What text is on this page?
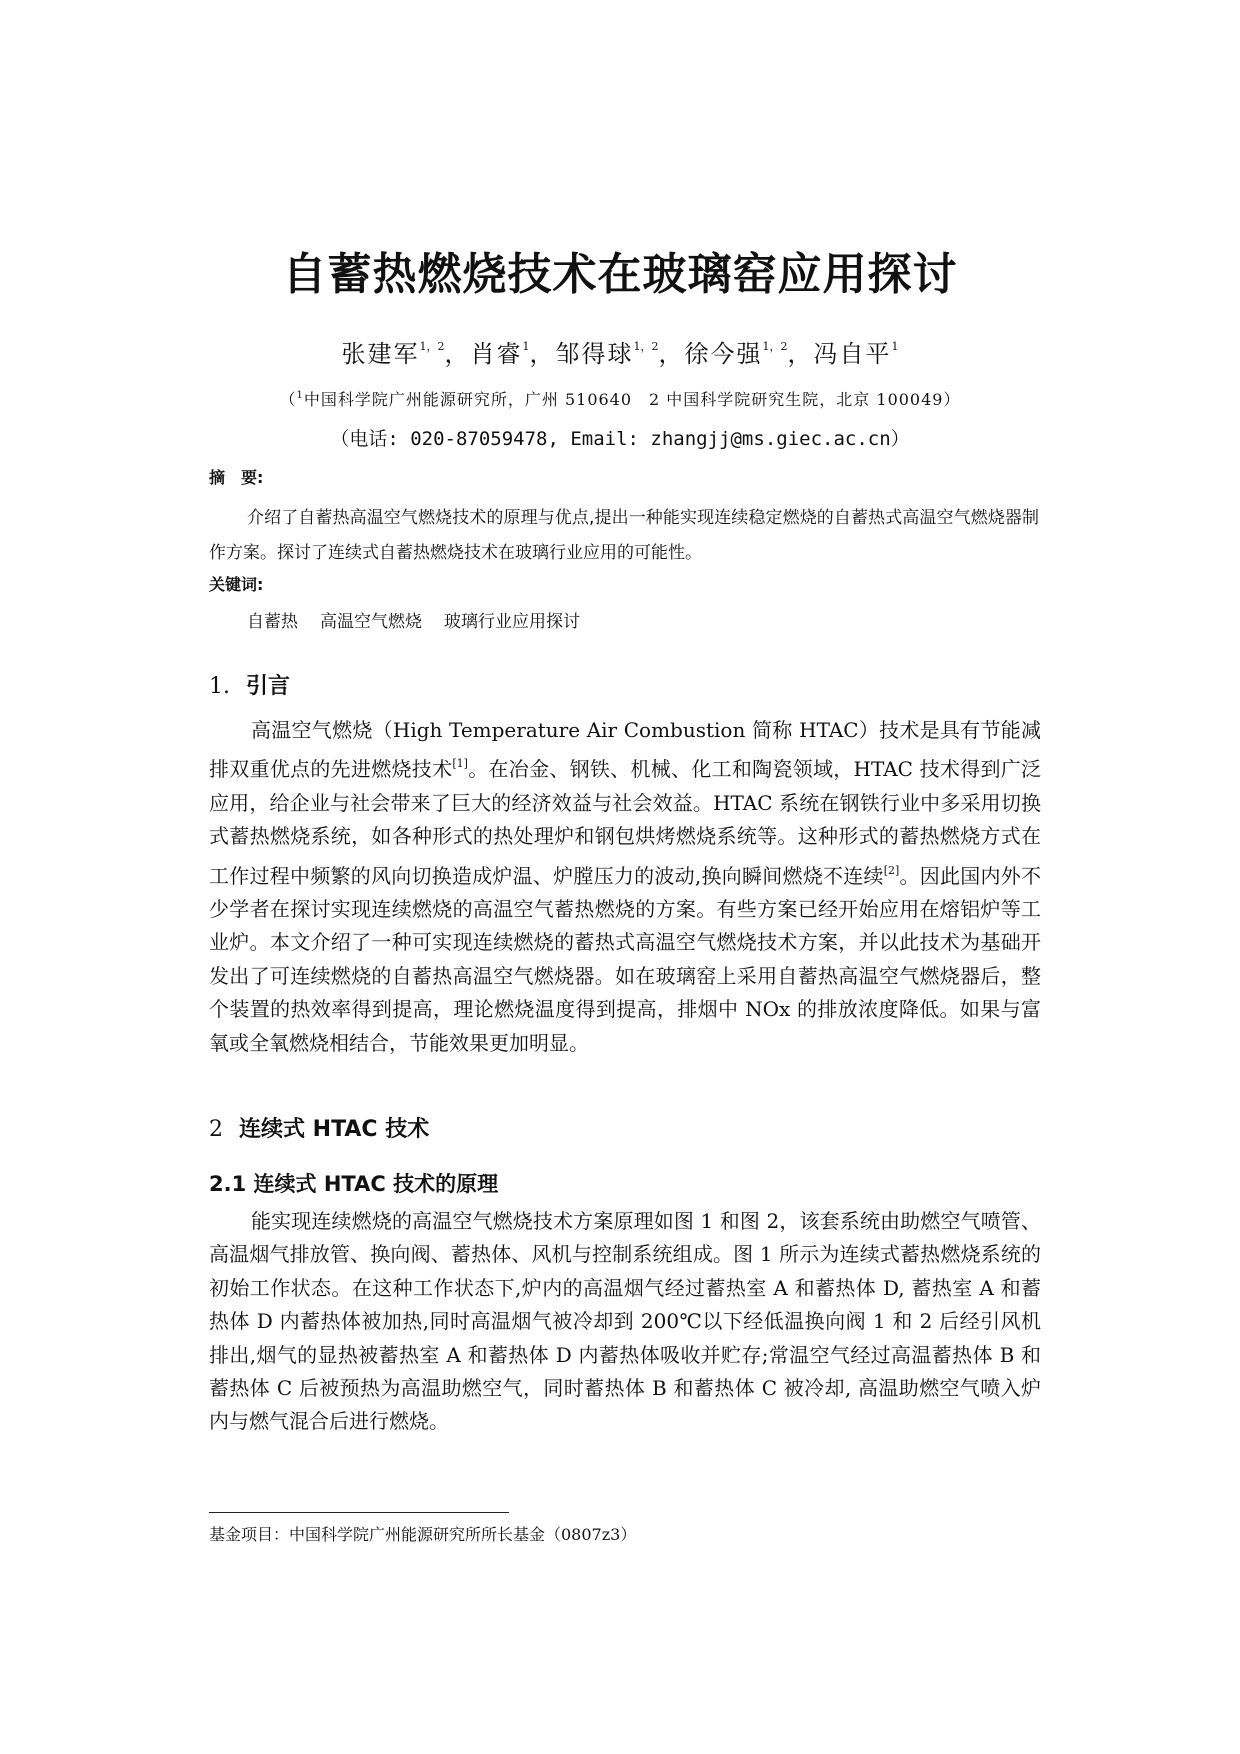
自蓄热燃烧技术在玻璃窑应用探讨
张建军$^{1,2}$，肖睿$^1$，邹得球$^{1,2}$，徐今强$^{1,2}$，冯自平$^1$
（$^1$中国科学院广州能源研究所，广州 510640　2 中国科学院研究生院，北京 100049）
（电话: 020-87059478, Email: zhangjj@ms.giec.ac.cn）
摘　要:
介绍了自蓄热高温空气燃烧技术的原理与优点,提出一种能实现连续稳定燃烧的自蓄热式高温空气燃烧器制作方案。探讨了连续式自蓄热燃烧技术在玻璃行业应用的可能性。
关键词:
自蓄热 高温空气燃烧 玻璃行业应用探讨
1. 引言
高温空气燃烧（High Temperature Air Combustion 简称 HTAC）技术是具有节能减排双重优点的先进燃烧技术[1]。在冶金、钢铁、机械、化工和陶瓷领域，HTAC 技术得到广泛应用，给企业与社会带来了巨大的经济效益与社会效益。HTAC 系统在钢铁行业中多采用切换式蓄热燃烧系统，如各种形式的热处理炉和钢包烘烤燃烧系统等。这种形式的蓄热燃烧方式在工作过程中频繁的风向切换造成炉温、炉膛压力的波动,换向瞬间燃烧不连续[2]。因此国内外不少学者在探讨实现连续燃烧的高温空气蓄热燃烧的方案。有些方案已经开始应用在熔铝炉等工业炉。本文介绍了一种可实现连续燃烧的蓄热式高温空气燃烧技术方案，并以此技术为基础开发出了可连续燃烧的自蓄热高温空气燃烧器。如在玻璃窑上采用自蓄热高温空气燃烧器后，整个装置的热效率得到提高，理论燃烧温度得到提高，排烟中 NOx 的排放浓度降低。如果与富氧或全氧燃烧相结合，节能效果更加明显。
2 连续式 HTAC 技术
2.1 连续式 HTAC 技术的原理
能实现连续燃烧的高温空气燃烧技术方案原理如图 1 和图 2，该套系统由助燃空气喷管、高温烟气排放管、换向阀、蓄热体、风机与控制系统组成。图 1 所示为连续式蓄热燃烧系统的初始工作状态。在这种工作状态下,炉内的高温烟气经过蓄热室 A 和蓄热体 D, 蓄热室 A 和蓄热体 D 内蓄热体被加热,同时高温烟气被冷却到 200℃以下经低温换向阀 1 和 2 后经引风机排出,烟气的显热被蓄热室 A 和蓄热体 D 内蓄热体吸收并贮存;常温空气经过高温蓄热体 B 和蓄热体 C 后被预热为高温助燃空气，同时蓄热体 B 和蓄热体 C 被冷却, 高温助燃空气喷入炉内与燃气混合后进行燃烧。
基金项目：中国科学院广州能源研究所所长基金（0807z3）
